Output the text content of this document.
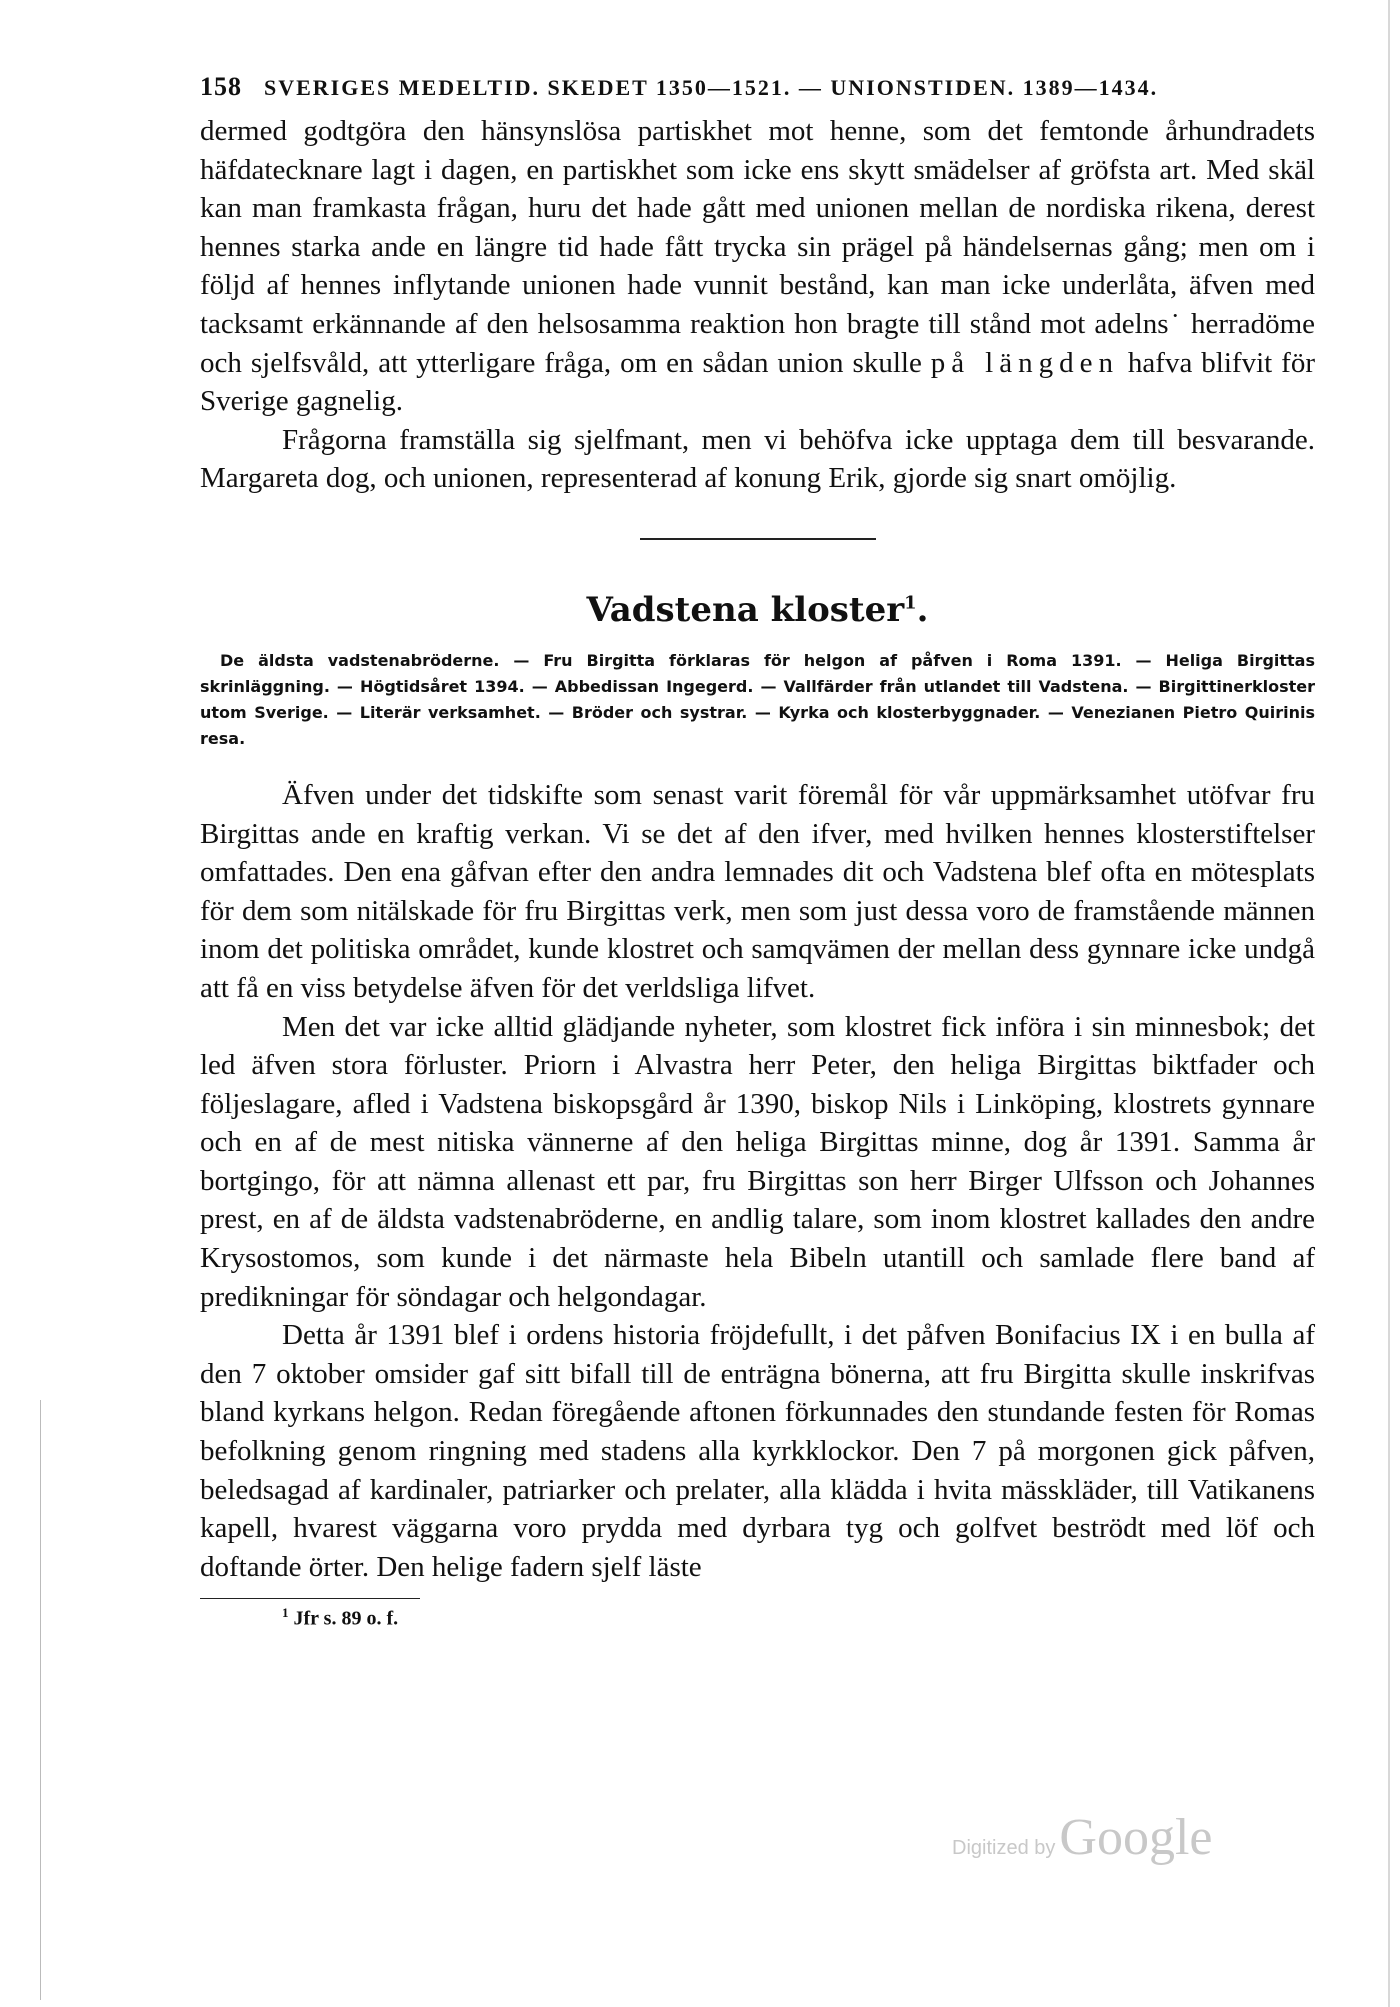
158 SVERIGES MEDELTID. SKEDET 1350—1521. — UNIONSTIDEN. 1389—1434.

dermed godtgöra den hänsynslösa partiskhet mot henne, som det femtonde århundradets häfdatecknare lagt i dagen, en partiskhet som icke ens skytt smädelser af gröfsta art. Med skäl kan man framkasta frågan, huru det hade gått med unionen mellan de nordiska rikena, derest hennes starka ande en längre tid hade fått trycka sin prägel på händelsernas gång; men om i följd af hennes inflytande unionen hade vunnit bestånd, kan man icke underlåta, äfven med tacksamt erkännande af den helsosamma reaktion hon bragte till stånd mot adelns˙ herradöme och sjelfsvåld, att ytterligare fråga, om en sådan union skulle på längden hafva blifvit för Sverige gagnelig.

Frågorna framställa sig sjelfmant, men vi behöfva icke upptaga dem till besvarande. Margareta dog, och unionen, representerad af konung Erik, gjorde sig snart omöjlig.

Vadstena kloster$^1$.

De äldsta vadstenabröderne. — Fru Birgitta förklaras för helgon af påfven i Roma 1391. — Heliga Birgittas skrinläggning. — Högtidsåret 1394. — Abbedissan Ingegerd. — Vallfärder från utlandet till Vadstena. — Birgittinerkloster utom Sverige. — Literär verksamhet. — Bröder och systrar. — Kyrka och klosterbyggnader. — Venezianen Pietro Quirinis resa.

Äfven under det tidskifte som senast varit föremål för vår uppmärksamhet utöfvar fru Birgittas ande en kraftig verkan. Vi se det af den ifver, med hvilken hennes klosterstiftelser omfattades. Den ena gåfvan efter den andra lemnades dit och Vadstena blef ofta en mötesplats för dem som nitälskade för fru Birgittas verk, men som just dessa voro de framstående männen inom det politiska området, kunde klostret och samqvämen der mellan dess gynnare icke undgå att få en viss betydelse äfven för det verldsliga lifvet.

Men det var icke alltid glädjande nyheter, som klostret fick införa i sin minnesbok; det led äfven stora förluster. Priorn i Alvastra herr Peter, den heliga Birgittas biktfader och följeslagare, afled i Vadstena biskopsgård år 1390, biskop Nils i Linköping, klostrets gynnare och en af de mest nitiska vännerne af den heliga Birgittas minne, dog år 1391. Samma år bortgingo, för att nämna allenast ett par, fru Birgittas son herr Birger Ulfsson och Johannes prest, en af de äldsta vadstenabröderne, en andlig talare, som inom klostret kallades den andre Krysostomos, som kunde i det närmaste hela Bibeln utantill och samlade flere band af predikningar för söndagar och helgondagar.

Detta år 1391 blef i ordens historia fröjdefullt, i det påfven Bonifacius IX i en bulla af den 7 oktober omsider gaf sitt bifall till de enträgna bönerna, att fru Birgitta skulle inskrifvas bland kyrkans helgon. Redan föregående aftonen förkunnades den stundande festen för Romas befolkning genom ringning med stadens alla kyrkklockor. Den 7 på morgonen gick påfven, beledsagad af kardinaler, patriarker och prelater, alla klädda i hvita mässkläder, till Vatikanens kapell, hvarest väggarna voro prydda med dyrbara tyg och golfvet beströdt med löf och doftande örter. Den helige fadern sjelf läste

$^1$ Jfr s. 89 o. f.
Digitized by Google
